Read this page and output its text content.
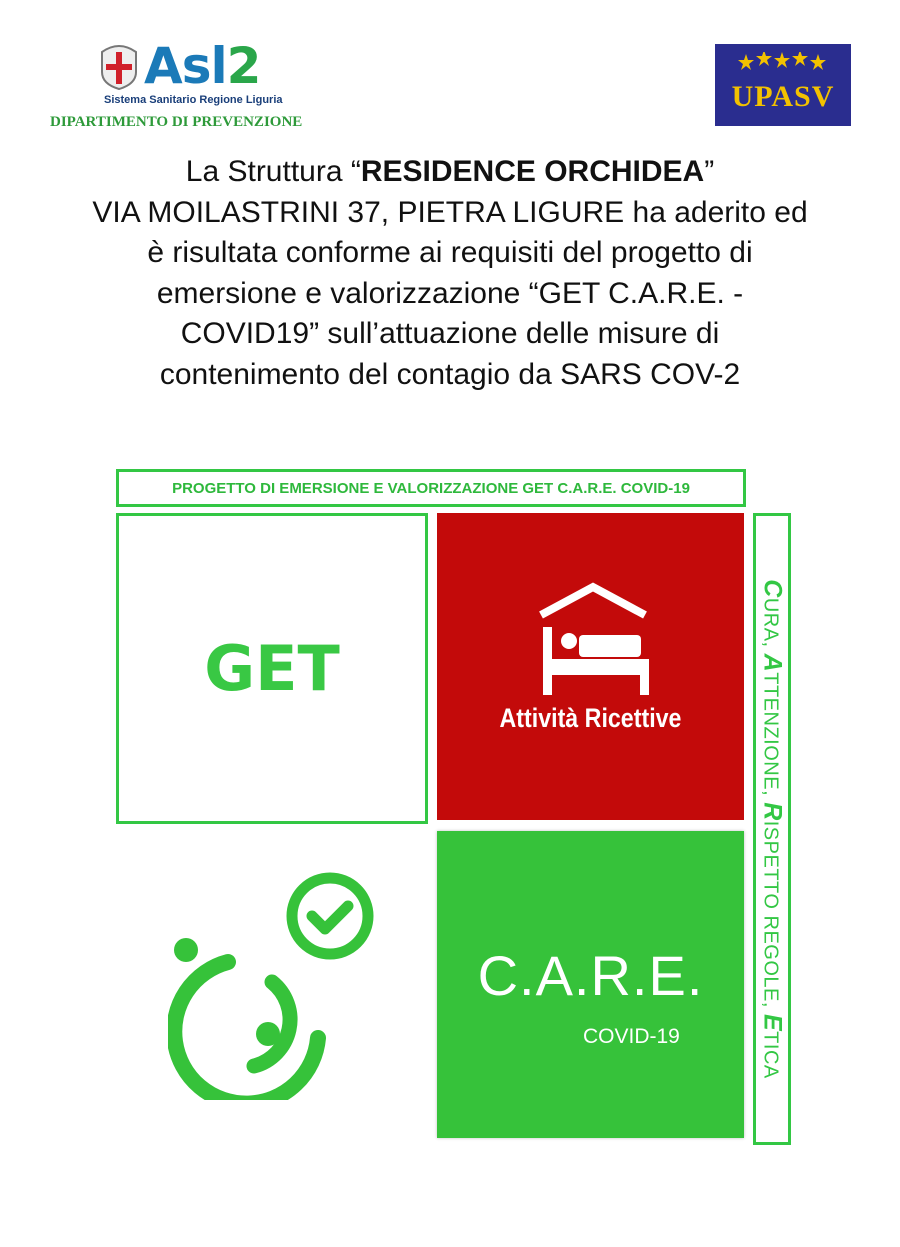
Asl2
Sistema Sanitario Regione Liguria
DIPARTIMENTO DI PREVENZIONE
UPASV
La Struttura “RESIDENCE ORCHIDEA”
VIA MOILASTRINI 37, PIETRA LIGURE ha aderito ed
è risultata conforme ai requisiti del progetto di
emersione e valorizzazione “GET C.A.R.E. -
COVID19” sull’attuazione delle misure di
contenimento del contagio da SARS COV-2
PROGETTO DI EMERSIONE E VALORIZZAZIONE GET C.A.R.E. COVID-19
GET
Attività Ricettive
C.A.R.E.
COVID-19
CURA, ATTENZIONE, RISPETTO REGOLE, ETICA
